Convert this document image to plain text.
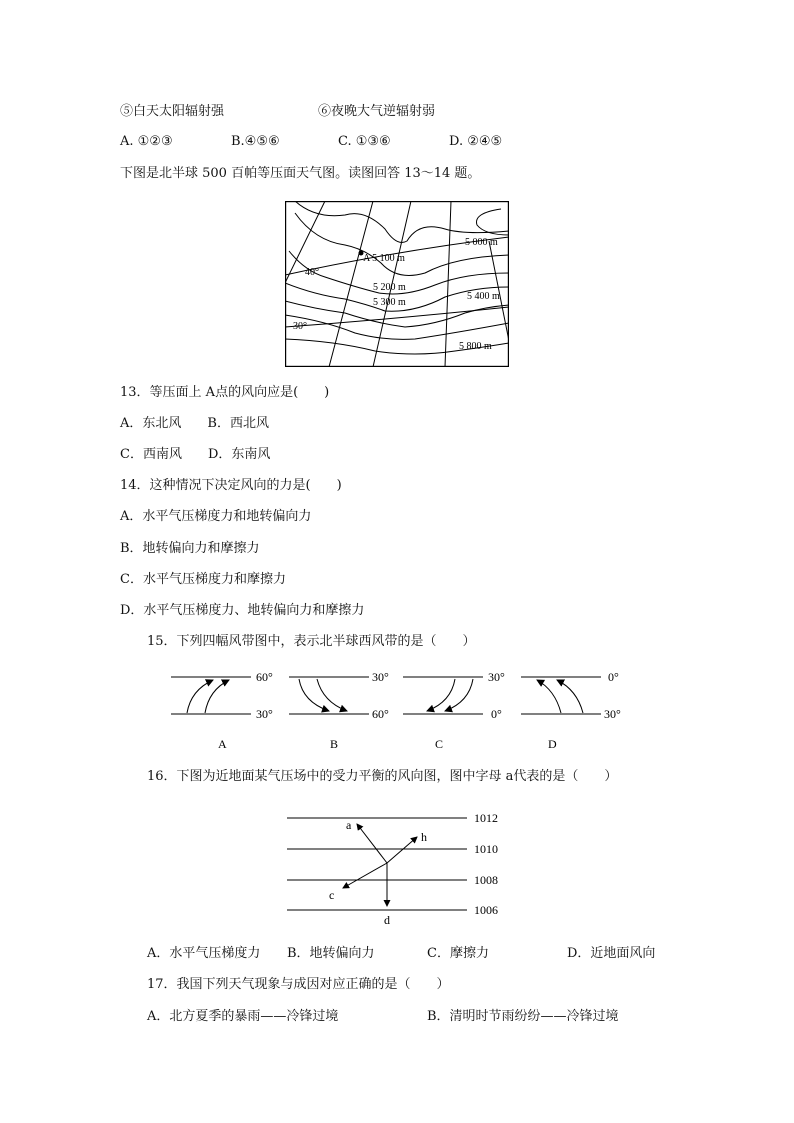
⑤白天太阳辐射强	⑥夜晚大气逆辐射弱
A. ①②③	B.④⑤⑥	C. ①③⑥	D. ②④⑤
下图是北半球 500 百帕等压面天气图。读图回答 13～14 题。
A 5 100 m
5 000 m
5 200 m
5 300 m
5 400 m
5 800 m
40°
30°
13．等压面上 A点的风向应是(　　)
A．东北风　　B．西北风
C．西南风　　D．东南风
14．这种情况下决定风向的力是(　　)
A．水平气压梯度力和地转偏向力
B．地转偏向力和摩擦力
C．水平气压梯度力和摩擦力
D．水平气压梯度力、地转偏向力和摩擦力
15．下列四幅风带图中，表示北半球西风带的是（　　）
60°
30°
A
30°
60°
B
30°
0°
C
0°
30°
D
16．下图为近地面某气压场中的受力平衡的风向图，图中字母 a代表的是（　　）
1012
1010
1008
1006
a
h
c
d
A．水平气压梯度力 B．地转偏向力	C．摩擦力	D．近地面风向
17．我国下列天气现象与成因对应正确的是（　　）
A．北方夏季的暴雨——冷锋过境	B．清明时节雨纷纷——冷锋过境
